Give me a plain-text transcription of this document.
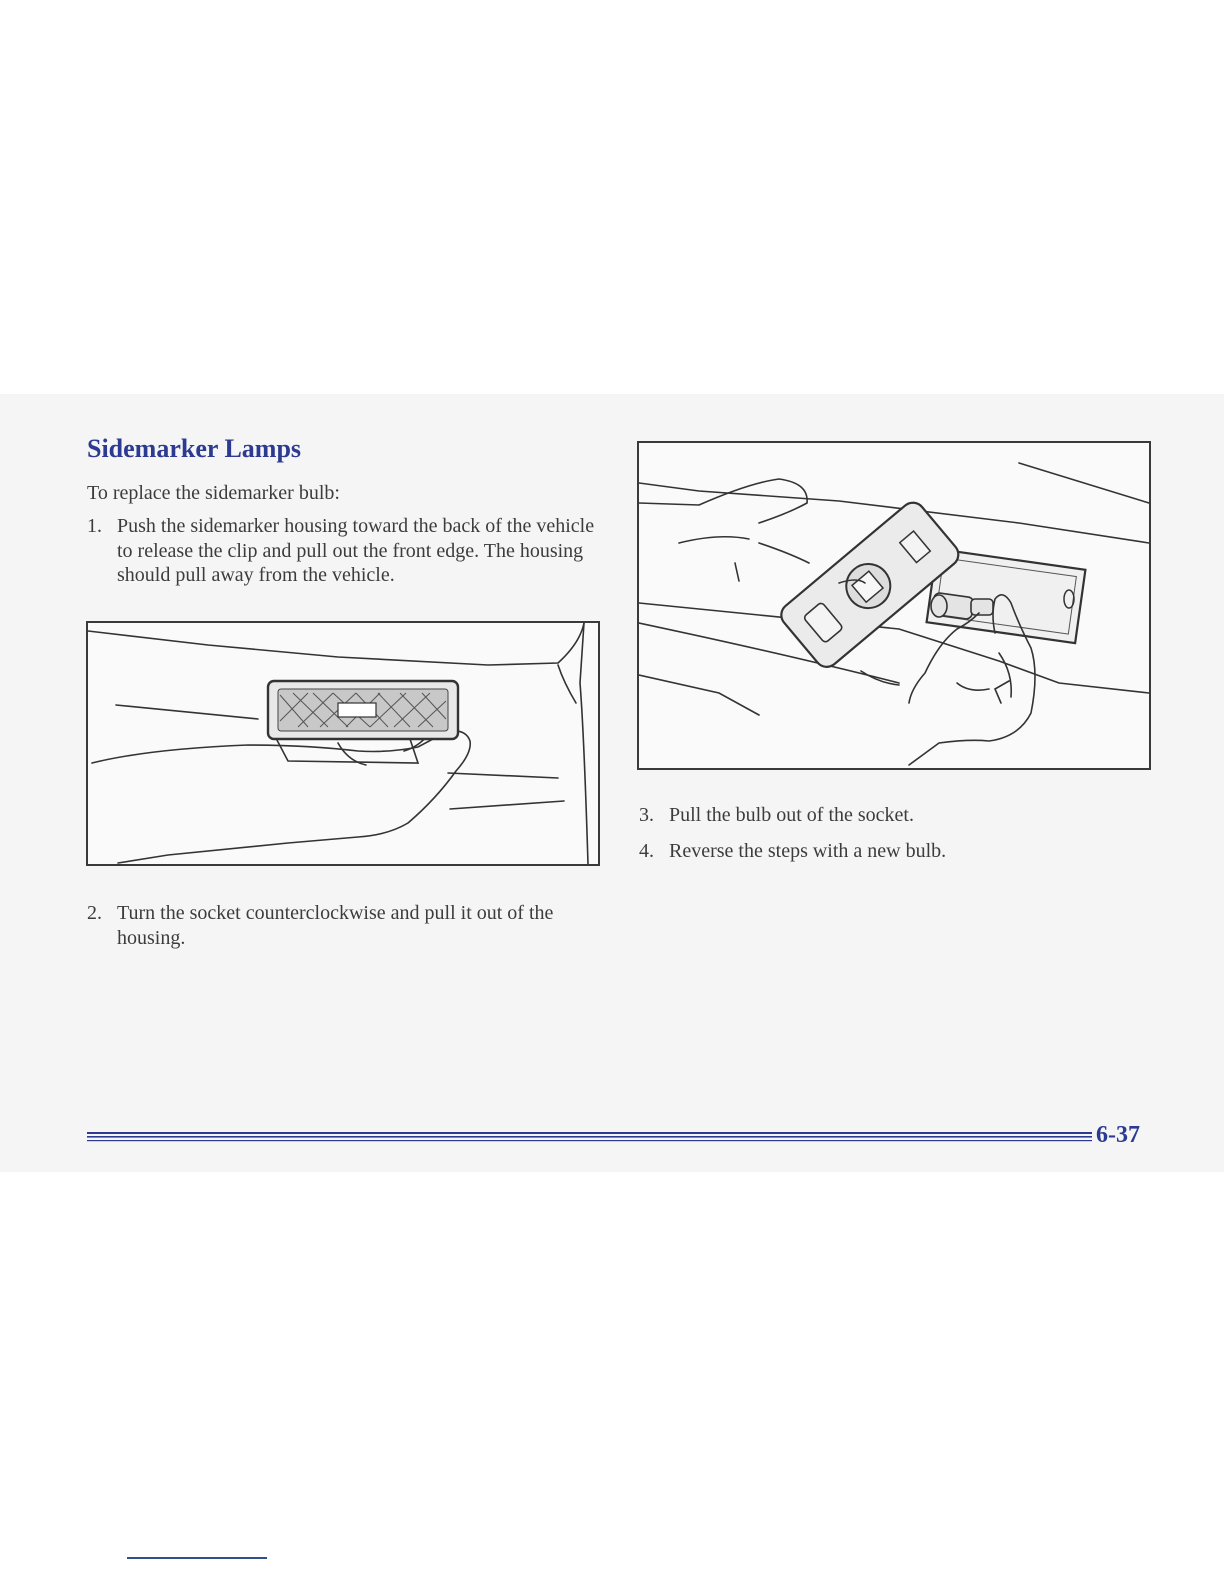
Sidemarker Lamps

To replace the sidemarker bulb:

1. Push the sidemarker housing toward the back of the vehicle to release the clip and pull out the front edge. The housing should pull away from the vehicle.
2. Turn the socket counterclockwise and pull it out of the housing.
3. Pull the bulb out of the socket.
4. Reverse the steps with a new bulb.

6-37
